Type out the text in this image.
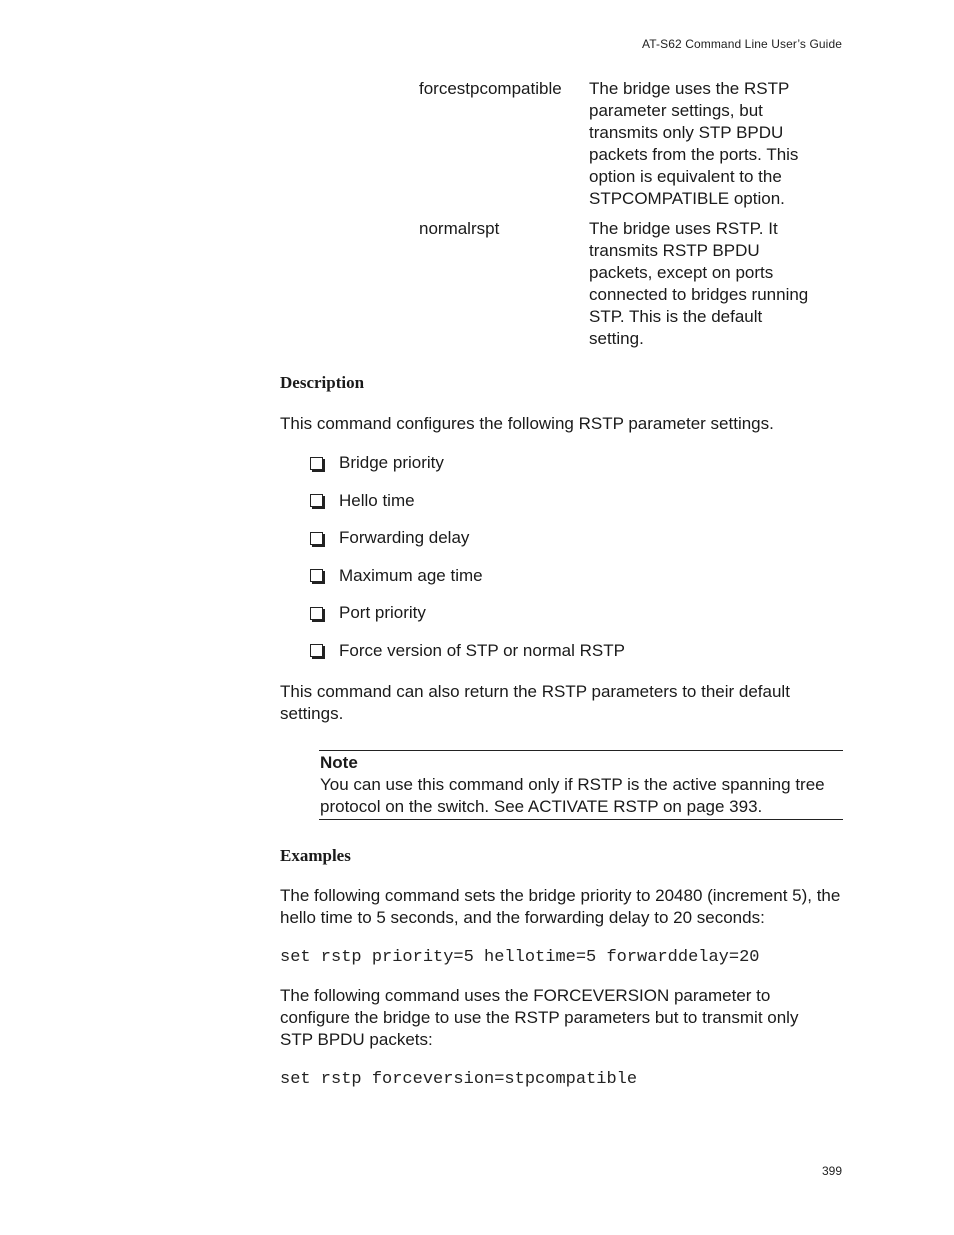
AT-S62 Command Line User’s Guide
forcestpcompatible	The bridge uses the RSTP parameter settings, but transmits only STP BPDU packets from the ports. This option is equivalent to the STPCOMPATIBLE option.
normalrspt	The bridge uses RSTP. It transmits RSTP BPDU packets, except on ports connected to bridges running STP. This is the default setting.
Description
This command configures the following RSTP parameter settings.
Bridge priority
Hello time
Forwarding delay
Maximum age time
Port priority
Force version of STP or normal RSTP
This command can also return the RSTP parameters to their default settings.
Note
You can use this command only if RSTP is the active spanning tree protocol on the switch. See ACTIVATE RSTP on page 393.
Examples
The following command sets the bridge priority to 20480 (increment 5), the hello time to 5 seconds, and the forwarding delay to 20 seconds:
set rstp priority=5 hellotime=5 forwarddelay=20
The following command uses the FORCEVERSION parameter to configure the bridge to use the RSTP parameters but to transmit only STP BPDU packets:
set rstp forceversion=stpcompatible
399
